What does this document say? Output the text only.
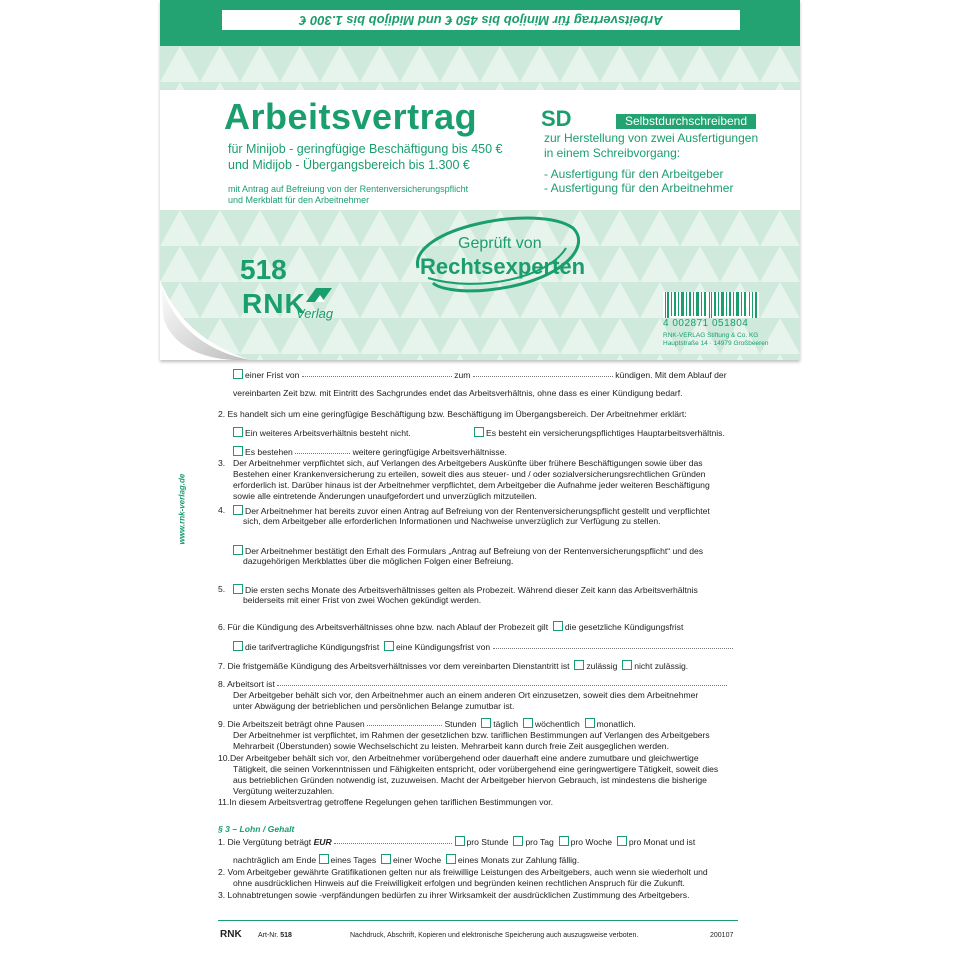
www.rnk-verlag.de
einer Frist von	zum	kündigen. Mit dem Ablauf der
vereinbarten Zeit bzw. mit Eintritt des Sachgrundes endet das Arbeitsverhältnis, ohne dass es einer Kündigung bedarf.
2. Es handelt sich um eine geringfügige Beschäftigung bzw. Beschäftigung im Übergangsbereich. Der Arbeitnehmer erklärt:
Ein weiteres Arbeitsverhältnis besteht nicht.	Es besteht ein versicherungspflichtiges Hauptarbeitsverhältnis.
Es bestehen	weitere geringfügige Arbeitsverhältnisse.
3. Der Arbeitnehmer verpflichtet sich, auf Verlangen des Arbeitgebers Auskünfte über frühere Beschäftigungen sowie über das
Bestehen einer Krankenversicherung zu erteilen, soweit dies aus steuer- und / oder sozialversicherungsrechtlichen Gründen
erforderlich ist. Darüber hinaus ist der Arbeitnehmer verpflichtet, dem Arbeitgeber die Aufnahme jeder weiteren Beschäftigung
sowie alle eintretende Änderungen unaufgefordert und unverzüglich mitzuteilen.
4.	Der Arbeitnehmer hat bereits zuvor einen Antrag auf Befreiung von der Rentenversicherungspflicht gestellt und verpflichtet
sich, dem Arbeitgeber alle erforderlichen Informationen und Nachweise unverzüglich zur Verfügung zu stellen.
Der Arbeitnehmer bestätigt den Erhalt des Formulars „Antrag auf Befreiung von der Rentenversicherungspflicht“ und des
dazugehörigen Merkblattes über die möglichen Folgen einer Befreiung.
5.	Die ersten sechs Monate des Arbeitsverhältnisses gelten als Probezeit. Während dieser Zeit kann das Arbeitsverhältnis
beiderseits mit einer Frist von zwei Wochen gekündigt werden.
6. Für die Kündigung des Arbeitsverhältnisses ohne bzw. nach Ablauf der Probezeit gilt die gesetzliche Kündigungsfrist
die tarifvertragliche Kündigungsfrist eine Kündigungsfrist von
7. Die fristgemäße Kündigung des Arbeitsverhältnisses vor dem vereinbarten Dienstantritt ist zulässig nicht zulässig.
8. Arbeitsort ist
Der Arbeitgeber behält sich vor, den Arbeitnehmer auch an einem anderen Ort einzusetzen, soweit dies dem Arbeitnehmer
unter Abwägung der betrieblichen und persönlichen Belange zumutbar ist.
9. Die Arbeitszeit beträgt ohne Pausen	Stunden täglich wöchentlich monatlich.
Der Arbeitnehmer ist verpflichtet, im Rahmen der gesetzlichen bzw. tariflichen Bestimmungen auf Verlangen des Arbeitgebers
Mehrarbeit (Überstunden) sowie Wechselschicht zu leisten. Mehrarbeit kann durch freie Zeit ausgeglichen werden.
10.Der Arbeitgeber behält sich vor, den Arbeitnehmer vorübergehend oder dauerhaft eine andere zumutbare und gleichwertige
Tätigkeit, die seinen Vorkenntnissen und Fähigkeiten entspricht, oder vorübergehend eine geringwertigere Tätigkeit, soweit dies
aus betrieblichen Gründen notwendig ist, zuzuweisen. Macht der Arbeitgeber hiervon Gebrauch, ist mindestens die bisherige
Vergütung weiterzuzahlen.
11.In diesem Arbeitsvertrag getroffene Regelungen gehen tariflichen Bestimmungen vor.
§ 3 – Lohn / Gehalt
1. Die Vergütung beträgt EUR	pro Stunde pro Tag pro Woche pro Monat und ist
nachträglich am Ende eines Tages einer Woche eines Monats zur Zahlung fällig.
2. Vom Arbeitgeber gewährte Gratifikationen gelten nur als freiwillige Leistungen des Arbeitgebers, auch wenn sie wiederholt und
ohne ausdrücklichen Hinweis auf die Freiwilligkeit erfolgen und begründen keinen rechtlichen Anspruch für die Zukunft.
3. Lohnabtretungen sowie -verpfändungen bedürfen zu ihrer Wirksamkeit der ausdrücklichen Zustimmung des Arbeitgebers.
RNK Art-Nr. 518	Nachdruck, Abschrift, Kopieren und elektronische Speicherung auch auszugsweise verboten.	200107
Arbeitsvertrag für Minijob bis 450 € und Midijob bis 1.300 €
Arbeitsvertrag
für Minijob - geringfügige Beschäftigung bis 450 €
und Midijob - Übergangsbereich bis 1.300 €
mit Antrag auf Befreiung von der Rentenversicherungspflicht
und Merkblatt für den Arbeitnehmer
SD	Selbstdurchschreibend
zur Herstellung von zwei Ausfertigungen
in einem Schreibvorgang:
- Ausfertigung für den Arbeitgeber
- Ausfertigung für den Arbeitnehmer
518
RNK
Verlag
Geprüft von
Rechtsexperten
4 002871 051804
RNK-VERLAG Stiftung & Co. KG
Hauptstraße 14 · 14979 Großbeeren
